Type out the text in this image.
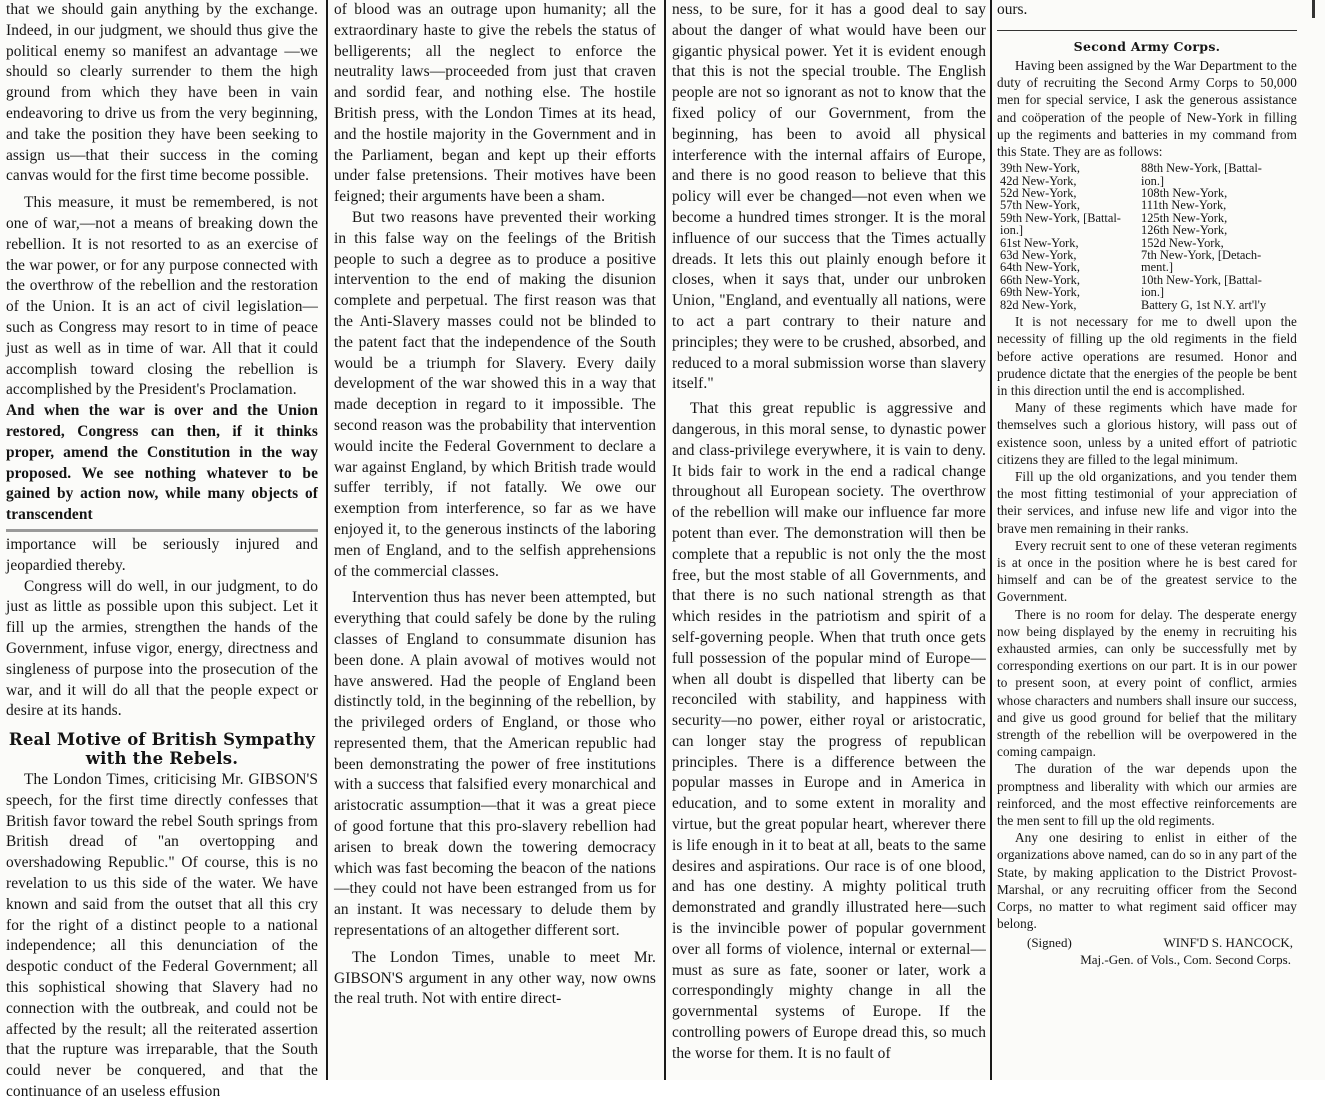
that we should gain anything by the exchange. Indeed, in our judgment, we should thus give the political enemy so manifest an advantage —we should so clearly surrender to them the high ground from which they have been in vain endeavoring to drive us from the very beginning, and take the position they have been seeking to assign us—that their success in the coming canvas would for the first time become possible.

This measure, it must be remembered, is not one of war,—not a means of breaking down the rebellion. It is not resorted to as an exercise of the war power, or for any purpose connected with the overthrow of the rebellion and the restoration of the Union. It is an act of civil legislation—such as Congress may resort to in time of peace just as well as in time of war. All that it could accomplish toward closing the rebellion is accomplished by the President's Proclamation.

And when the war is over and the Union restored, Congress can then, if it thinks proper, amend the Constitution in the way proposed. We see nothing whatever to be gained by action now, while many objects of transcendent

importance will be seriously injured and jeopardied thereby.

Congress will do well, in our judgment, to do just as little as possible upon this subject. Let it fill up the armies, strengthen the hands of the Government, infuse vigor, energy, directness and singleness of purpose into the prosecution of the war, and it will do all that the people expect or desire at its hands.

Real Motive of British Sympathy with the Rebels.

The London Times, criticising Mr. GIBSON'S speech, for the first time directly confesses that British favor toward the rebel South springs from British dread of "an overtopping and overshadowing Republic." Of course, this is no revelation to us this side of the water. We have known and said from the outset that all this cry for the right of a distinct people to a national independence; all this denunciation of the despotic conduct of the Federal Government; all this sophistical showing that Slavery had no connection with the outbreak, and could not be affected by the result; all the reiterated assertion that the rupture was irreparable, that the South could never be conquered, and that the continuance of an useless effusion

of blood was an outrage upon humanity; all the extraordinary haste to give the rebels the status of belligerents; all the neglect to enforce the neutrality laws—proceeded from just that craven and sordid fear, and nothing else. The hostile British press, with the London Times at its head, and the hostile majority in the Government and in the Parliament, began and kept up their efforts under false pretensions. Their motives have been feigned; their arguments have been a sham.

But two reasons have prevented their working in this false way on the feelings of the British people to such a degree as to produce a positive intervention to the end of making the disunion complete and perpetual. The first reason was that the Anti-Slavery masses could not be blinded to the patent fact that the independence of the South would be a triumph for Slavery. Every daily development of the war showed this in a way that made deception in regard to it impossible. The second reason was the probability that intervention would incite the Federal Government to declare a war against England, by which British trade would suffer terribly, if not fatally. We owe our exemption from interference, so far as we have enjoyed it, to the generous instincts of the laboring men of England, and to the selfish apprehensions of the commercial classes.

Intervention thus has never been attempted, but everything that could safely be done by the ruling classes of England to consummate disunion has been done. A plain avowal of motives would not have answered. Had the people of England been distinctly told, in the beginning of the rebellion, by the privileged orders of England, or those who represented them, that the American republic had been demonstrating the power of free institutions with a success that falsified every monarchical and aristocratic assumption—that it was a great piece of good fortune that this pro-slavery rebellion had arisen to break down the towering democracy which was fast becoming the beacon of the nations—they could not have been estranged from us for an instant. It was necessary to delude them by representations of an altogether different sort.

The London Times, unable to meet Mr. GIBSON'S argument in any other way, now owns the real truth. Not with entire direct-

ness, to be sure, for it has a good deal to say about the danger of what would have been our gigantic physical power. Yet it is evident enough that this is not the special trouble. The English people are not so ignorant as not to know that the fixed policy of our Government, from the beginning, has been to avoid all physical interference with the internal affairs of Europe, and there is no good reason to believe that this policy will ever be changed—not even when we become a hundred times stronger. It is the moral influence of our success that the Times actually dreads. It lets this out plainly enough before it closes, when it says that, under our unbroken Union, "England, and eventually all nations, were to act a part contrary to their nature and principles; they were to be crushed, absorbed, and reduced to a moral submission worse than slavery itself."

That this great republic is aggressive and dangerous, in this moral sense, to dynastic power and class-privilege everywhere, it is vain to deny. It bids fair to work in the end a radical change throughout all European society. The overthrow of the rebellion will make our influence far more potent than ever. The demonstration will then be complete that a republic is not only the the most free, but the most stable of all Governments, and that there is no such national strength as that which resides in the patriotism and spirit of a self-governing people. When that truth once gets full possession of the popular mind of Europe—when all doubt is dispelled that liberty can be reconciled with stability, and happiness with security—no power, either royal or aristocratic, can longer stay the progress of republican principles. There is a difference between the popular masses in Europe and in America in education, and to some extent in morality and virtue, but the great popular heart, wherever there is life enough in it to beat at all, beats to the same desires and aspirations. Our race is of one blood, and has one destiny. A mighty political truth demonstrated and grandly illustrated here—such is the invincible power of popular government over all forms of violence, internal or external—must as sure as fate, sooner or later, work a correspondingly mighty change in all the governmental systems of Europe. If the controlling powers of Europe dread this, so much the worse for them. It is no fault of

ours.
Second Army Corps.

Having been assigned by the War Department to the duty of recruiting the Second Army Corps to 50,000 men for special service, I ask the generous assistance and coöperation of the people of New-York in filling up the regiments and batteries in my command from this State. They are as follows:

39th New-York,
42d New-York,
52d New-York,
57th New-York,
59th New-York, [Battal-
ion.]
61st New-York,
63d New-York,
64th New-York,
66th New-York,
69th New-York,
82d New-York,
88th New-York, [Battal-
ion.]
108th New-York,
111th New-York,
125th New-York,
126th New-York,
152d New-York,
7th New-York, [Detach-
ment.]
10th New-York, [Battal-
ion.]
Battery G, 1st N.Y. art'l'y

It is not necessary for me to dwell upon the necessity of filling up the old regiments in the field before active operations are resumed. Honor and prudence dictate that the energies of the people be bent in this direction until the end is accomplished.

Many of these regiments which have made for themselves such a glorious history, will pass out of existence soon, unless by a united effort of patriotic citizens they are filled to the legal minimum.

Fill up the old organizations, and you tender them the most fitting testimonial of your appreciation of their services, and infuse new life and vigor into the brave men remaining in their ranks.

Every recruit sent to one of these veteran regiments is at once in the position where he is best cared for himself and can be of the greatest service to the Government.

There is no room for delay. The desperate energy now being displayed by the enemy in recruiting his exhausted armies, can only be successfully met by corresponding exertions on our part. It is in our power to present soon, at every point of conflict, armies whose characters and numbers shall insure our success, and give us good ground for belief that the military strength of the rebellion will be overpowered in the coming campaign.

The duration of the war depends upon the promptness and liberality with which our armies are reinforced, and the most effective reinforcements are the men sent to fill up the old regiments.

Any one desiring to enlist in either of the organizations above named, can do so in any part of the State, by making application to the District Provost-Marshal, or any recruiting officer from the Second Corps, no matter to what regiment said officer may belong.

(Signed)	WINF'D S. HANCOCK,
Maj.-Gen. of Vols., Com. Second Corps.
